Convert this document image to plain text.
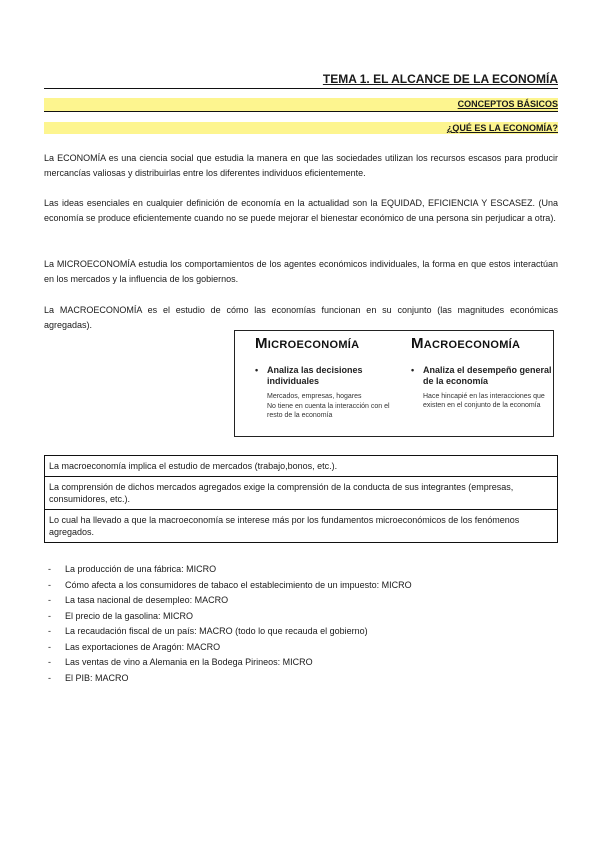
TEMA 1. EL ALCANCE DE LA ECONOMÍA
CONCEPTOS BÁSICOS
¿QUÉ ES LA ECONOMÍA?

La ECONOMÍA es una ciencia social que estudia la manera en que las sociedades utilizan los recursos escasos para producir mercancías valiosas y distribuirlas entre los diferentes individuos eficientemente.

Las ideas esenciales en cualquier definición de economía en la actualidad son la EQUIDAD, EFICIENCIA Y ESCASEZ. (Una economía se produce eficientemente cuando no se puede mejorar el bienestar económico de una persona sin perjudicar a otra).

La MICROECONOMÍA estudia los comportamientos de los agentes económicos individuales, la forma en que estos interactúan en los mercados y la influencia de los gobiernos.

La MACROECONOMÍA es el estudio de cómo las economías funcionan en su conjunto (las magnitudes económicas agregadas).

Microeconomía
• Analiza las decisiones individuales
Mercados, empresas, hogares
No tiene en cuenta la interacción con el resto de la economía
Macroeconomía
• Analiza el desempeño general de la economía
Hace hincapié en las interacciones que existen en el conjunto de la economía
La macroeconomía implica el estudio de mercados (trabajo,bonos, etc.).
La comprensión de dichos mercados agregados exige la comprensión de la conducta de sus integrantes (empresas, consumidores, etc.).
Lo cual ha llevado a que la macroeconomía se interese más por los fundamentos microeconómicos de los fenómenos agregados.
- La producción de una fábrica: MICRO
- Cómo afecta a los consumidores de tabaco el establecimiento de un impuesto: MICRO
- La tasa nacional de desempleo: MACRO
- El precio de la gasolina: MICRO
- La recaudación fiscal de un país: MACRO (todo lo que recauda el gobierno)
- Las exportaciones de Aragón: MACRO
- Las ventas de vino a Alemania en la Bodega Pirineos: MICRO
- El PIB: MACRO
